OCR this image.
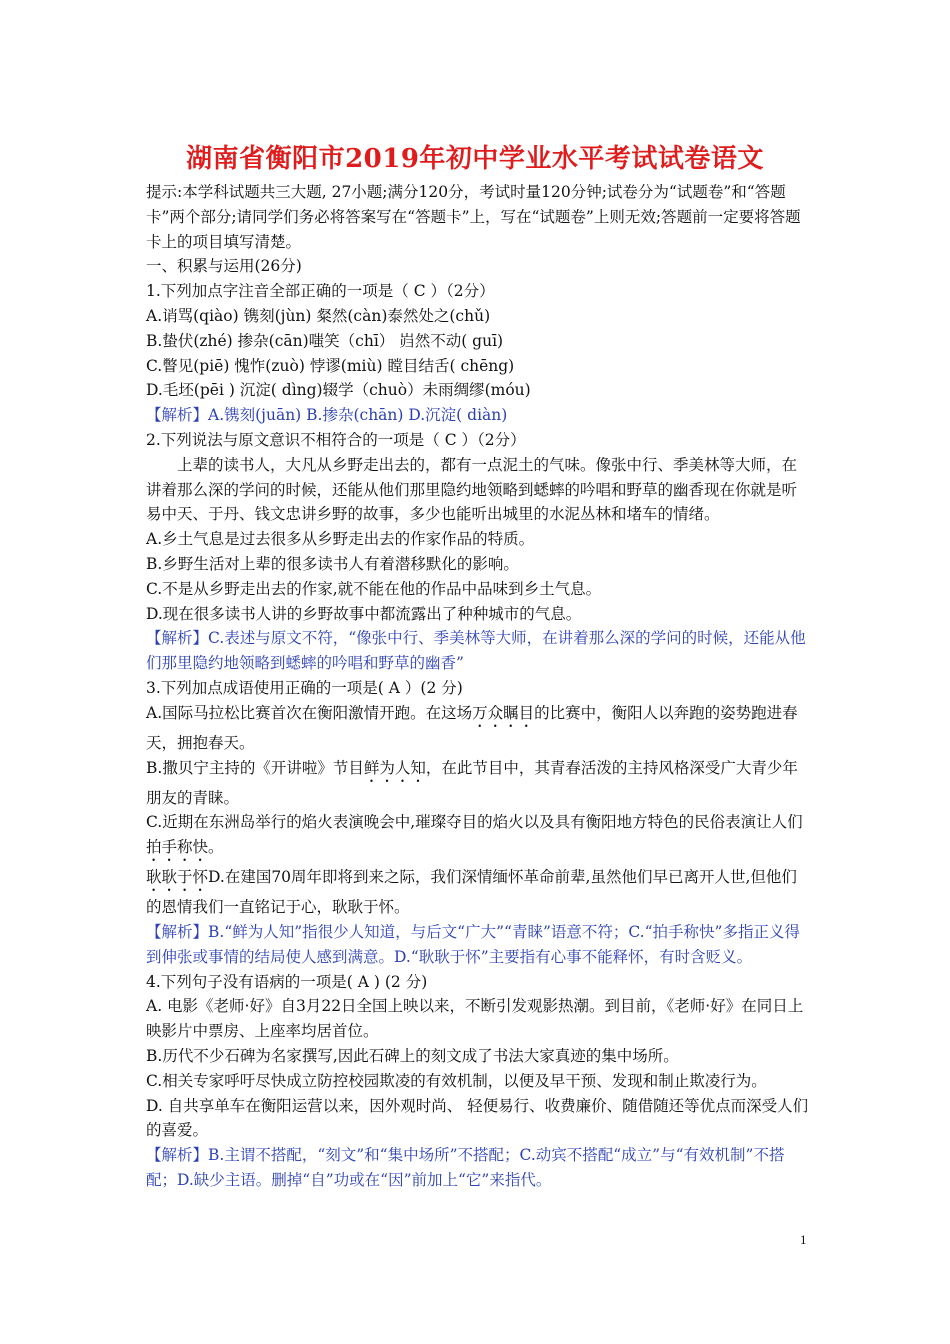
湖南省衡阳市2019年初中学业水平考试试卷语文

提示:本学科试题共三大题, 27小题;满分120分，考试时量120分钟;试卷分为“试题卷”和“答题卡”两个部分;请同学们务必将答案写在“答题卡”上，写在“试题卷”上则无效;答题前一定要将答题卡上的项目填写清楚。

一、积累与运用(26分)

1.下列加点字注音全部正确的一项是（ C ）（2分）

A.诮骂(qiào) 镌刻(jùn) 粲然(càn)泰然处之(chǔ)

B.蛰伏(zhé) 掺杂(cān)嗤笑（chī） 岿然不动( guī)

C.瞥见(piē) 愧怍(zuò) 悖谬(miù) 瞠目结舌( chēng)

D.毛坯(pēi ) 沉淀( dìng)辍学（chuò）未雨绸缪(móu)

【解析】A.镌刻(juān) B.掺杂(chān) D.沉淀( diàn)

2.下列说法与原文意识不相符合的一项是（ C ）（2分）

上辈的读书人，大凡从乡野走出去的，都有一点泥土的气味。像张中行、季美林等大师，在讲着那么深的学问的时候，还能从他们那里隐约地领略到蟋蟀的吟唱和野草的幽香现在你就是听易中天、于丹、钱文忠讲乡野的故事，多少也能听出城里的水泥丛林和堵车的情绪。

A.乡土气息是过去很多从乡野走出去的作家作品的特质。

B.乡野生活对上辈的很多读书人有着潜移默化的影响。

C.不是从乡野走出去的作家,就不能在他的作品中品味到乡土气息。

D.现在很多读书人讲的乡野故事中都流露出了种种城市的气息。

【解析】C.表述与原文不符，“像张中行、季美林等大师，在讲着那么深的学问的时候，还能从他们那里隐约地领略到蟋蟀的吟唱和野草的幽香”

3.下列加点成语使用正确的一项是( A ）(2 分)

A.国际马拉松比赛首次在衡阳激情开跑。在这场万众瞩目的比赛中，衡阳人以奔跑的姿势跑进春天，拥抱春天。

B.撒贝宁主持的《开讲啦》节目鲜为人知，在此节目中，其青春活泼的主持风格深受广大青少年朋友的青睐。

C.近期在东洲岛举行的焰火表演晚会中,璀璨夺目的焰火以及具有衡阳地方特色的民俗表演让人们拍手称快。

耿耿于怀D.在建国70周年即将到来之际，我们深情缅怀革命前辈,虽然他们早已离开人世,但他们的恩情我们一直铭记于心，耿耿于怀。

【解析】B.“鲜为人知”指很少人知道，与后文“广大”“青睐”语意不符；C.“拍手称快”多指正义得到伸张或事情的结局使人感到满意。D.“耿耿于怀”主要指有心事不能释怀，有时含贬义。

4.下列句子没有语病的一项是( A ) (2 分)

A. 电影《老师·好》自3月22日全国上映以来，不断引发观影热潮。到目前，《老师·好》在同日上映影片中票房、上座率均居首位。

B.历代不少石碑为名家撰写,因此石碑上的刻文成了书法大家真迹的集中场所。

C.相关专家呼吁尽快成立防控校园欺凌的有效机制，以便及早干预、发现和制止欺凌行为。

D. 自共享单车在衡阳运营以来，因外观时尚、 轻便易行、收费廉价、随借随还等优点而深受人们的喜爱。

【解析】B.主谓不搭配，“刻文”和“集中场所”不搭配；C.动宾不搭配“成立”与“有效机制”不搭配；D.缺少主语。删掉“自”功或在“因”前加上“它”来指代。

1
